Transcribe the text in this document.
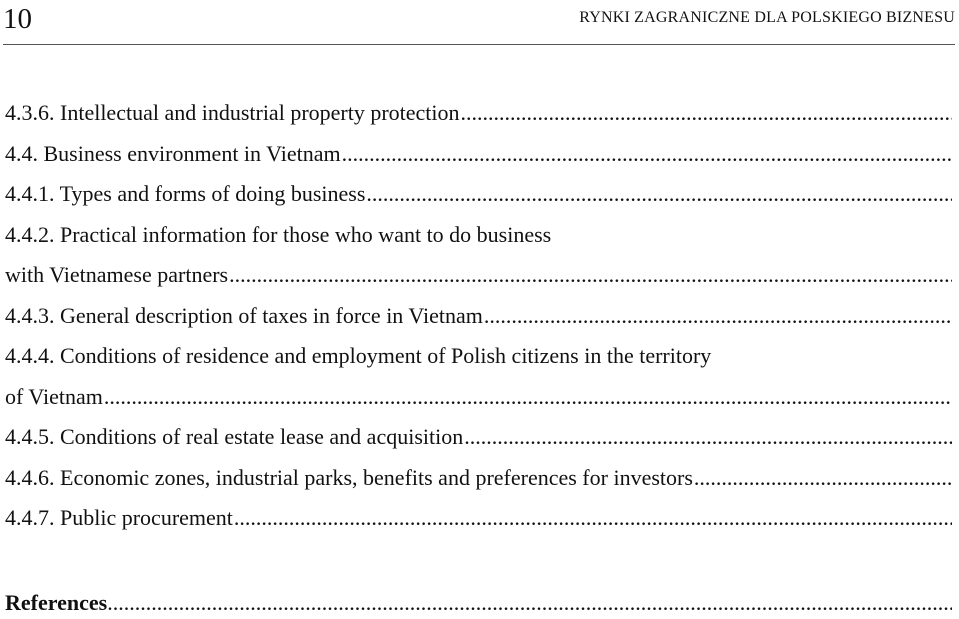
10	RYNKI ZAGRANICZNE DLA POLSKIEGO BIZNESU
4.3.6. Intellectual and industrial property protection
.....
4.4. Business environment in Vietnam
.....
4.4.1. Types and forms of doing business
.....
4.4.2. Practical information for those who want to do business
with Vietnamese partners
.....
4.4.3. General description of taxes in force in Vietnam
.....
4.4.4. Conditions of residence and employment of Polish citizens in the territory
of Vietnam
.....
4.4.5. Conditions of real estate lease and acquisition
.....
4.4.6. Economic zones, industrial parks, benefits and preferences for investors
.....
4.4.7. Public procurement
.....
References
.....
